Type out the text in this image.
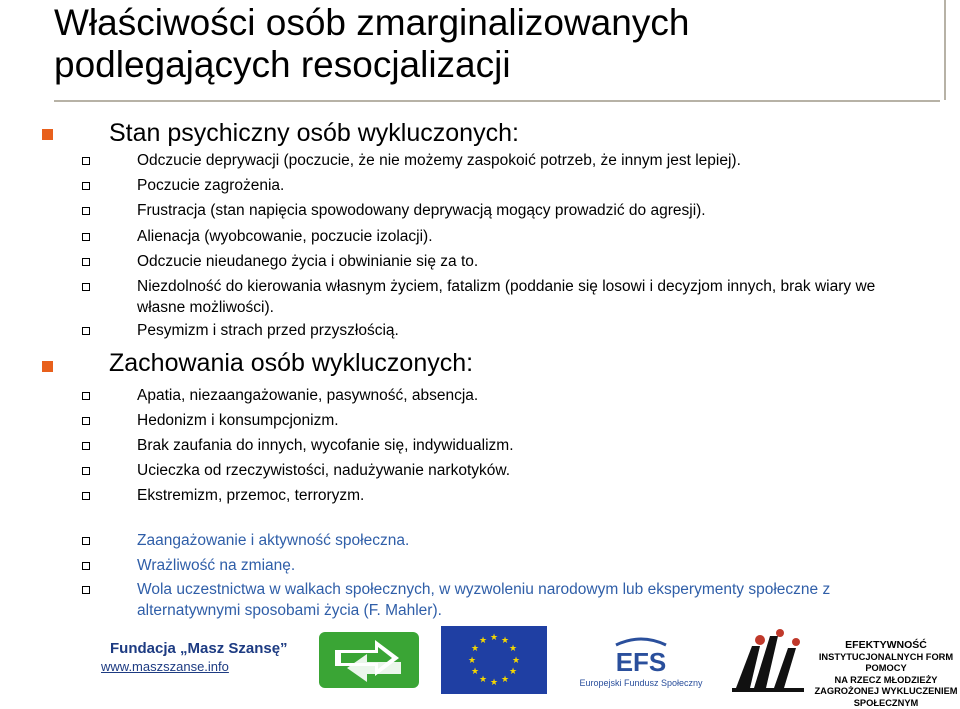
Właściwości osób zmarginalizowanych
podlegających resocjalizacji
Stan psychiczny osób wykluczonych:
Odczucie deprywacji (poczucie, że nie możemy zaspokoić potrzeb, że innym jest lepiej).
Poczucie zagrożenia.
Frustracja (stan napięcia spowodowany deprywacją mogący prowadzić do agresji).
Alienacja (wyobcowanie, poczucie izolacji).
Odczucie nieudanego życia i obwinianie się za to.
Niezdolność do kierowania własnym życiem, fatalizm (poddanie się losowi i decyzjom innych, brak wiary we własne możliwości).
Pesymizm i strach przed przyszłością.
Zachowania osób wykluczonych:
Apatia, niezaangażowanie, pasywność, absencja.
Hedonizm i konsumpcjonizm.
Brak zaufania do innych, wycofanie się, indywidualizm.
Ucieczka od rzeczywistości, nadużywanie narkotyków.
Ekstremizm, przemoc, terroryzm.
Zaangażowanie i aktywność społeczna.
Wrażliwość na zmianę.
Wola uczestnictwa w walkach społecznych, w wyzwoleniu narodowym lub eksperymenty społeczne z alternatywnymi sposobami życia (F. Mahler).
Fundacja „Masz Szansę”
www.maszszanse.info
★ ★
★
★
★
★
★
★
★
★
★
★
EFS
Europejski Fundusz Społeczny
EFEKTYWNOŚĆ
INSTYTUCJONALNYCH FORM POMOCY
NA RZECZ MŁODZIEŻY
ZAGROŻONEJ WYKLUCZENIEM SPOŁECZNYM
